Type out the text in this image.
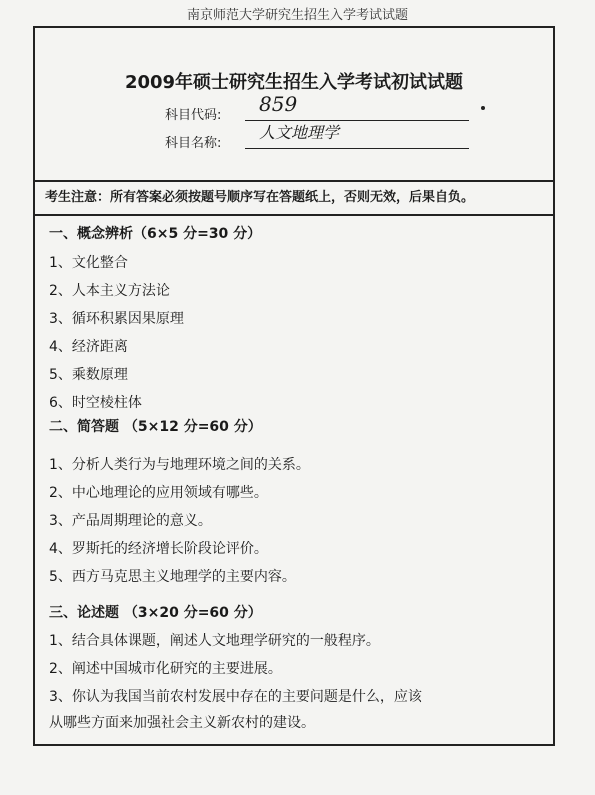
南京师范大学研究生招生入学考试试题
2009年硕士研究生招生入学考试初试试题
科目代码:	859
科目名称:
人文地理学
考生注意：所有答案必须按题号顺序写在答题纸上，否则无效，后果自负。
一、概念辨析（6×5 分=30 分）
1、文化整合
2、人本主义方法论
3、循环积累因果原理
4、经济距离
5、乘数原理
6、时空棱柱体
二、简答题 （5×12 分=60 分）
1、分析人类行为与地理环境之间的关系。
2、中心地理论的应用领域有哪些。
3、产品周期理论的意义。
4、罗斯托的经济增长阶段论评价。
5、西方马克思主义地理学的主要内容。
三、论述题 （3×20 分=60 分）
1、结合具体课题，阐述人文地理学研究的一般程序。
2、阐述中国城市化研究的主要进展。
3、你认为我国当前农村发展中存在的主要问题是什么，应该
从哪些方面来加强社会主义新农村的建设。
